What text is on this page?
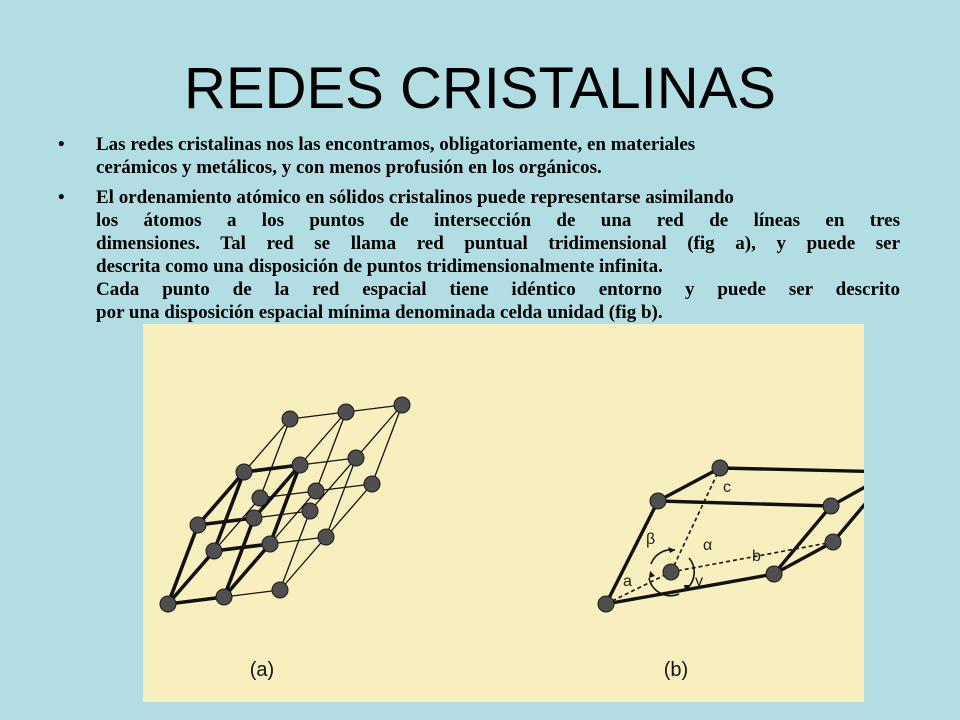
REDES CRISTALINAS
• Las redes cristalinas nos las encontramos, obligatoriamente, en materiales
cerámicos y metálicos, y con menos profusión en los orgánicos.
• El ordenamiento atómico en sólidos cristalinos puede representarse asimilando
los átomos a los puntos de intersección de una red de líneas en tres
dimensiones. Tal red se llama red puntual tridimensional (fig a), y puede ser
descrita como una disposición de puntos tridimensionalmente infinita.
Cada punto de la red espacial tiene idéntico entorno y puede ser descrito
por una disposición espacial mínima denominada celda unidad (fig b).
a
b
c
α
β
γ
(a)	(b)
